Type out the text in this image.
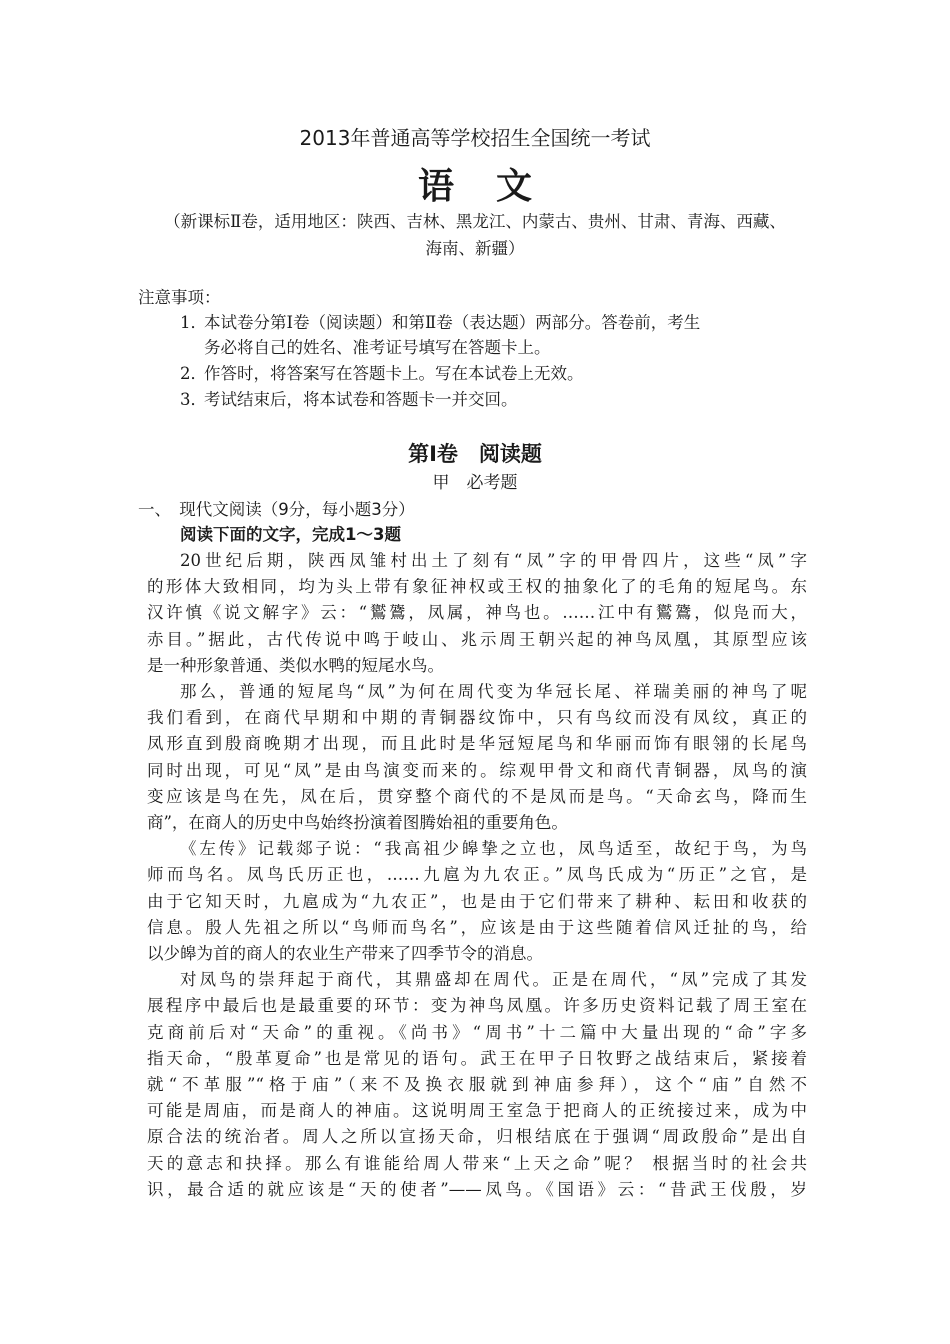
2013年普通高等学校招生全国统一考试
语 文
（新课标Ⅱ卷，适用地区：陕西、吉林、黑龙江、内蒙古、贵州、甘肃、青海、西藏、
海南、新疆）
注意事项：
1．本试卷分第Ⅰ卷（阅读题）和第Ⅱ卷（表达题）两部分。答卷前，考生
务必将自己的姓名、准考证号填写在答题卡上。
2．作答时，将答案写在答题卡上。写在本试卷上无效。
3．考试结束后，将本试卷和答题卡一并交回。
第Ⅰ卷　阅读题
甲　必考题
一、　现代文阅读（9分，每小题3分）
阅读下面的文字，完成1～3题
20世纪后期，陕西凤雏村出土了刻有“凤”字的甲骨四片，这些“凤”字
的形体大致相同，均为头上带有象征神权或王权的抽象化了的毛角的短尾鸟。东
汉许慎《说文解字》云：“鸑鷟，凤属，神鸟也。……江中有鸑鷟，似凫而大，
赤目。”据此，古代传说中鸣于岐山、兆示周王朝兴起的神鸟凤凰，其原型应该
是一种形象普通、类似水鸭的短尾水鸟。
那么，普通的短尾鸟“凤”为何在周代变为华冠长尾、祥瑞美丽的神鸟了呢
我们看到，在商代早期和中期的青铜器纹饰中，只有鸟纹而没有凤纹，真正的
凤形直到殷商晚期才出现，而且此时是华冠短尾鸟和华丽而饰有眼翎的长尾鸟
同时出现，可见“凤”是由鸟演变而来的。综观甲骨文和商代青铜器，凤鸟的演
变应该是鸟在先，凤在后，贯穿整个商代的不是凤而是鸟。“天命玄鸟，降而生
商”，在商人的历史中鸟始终扮演着图腾始祖的重要角色。
《左传》记载郯子说：“我高祖少皞挚之立也，凤鸟适至，故纪于鸟，为鸟
师而鸟名。凤鸟氏历正也，……九扈为九农正。”凤鸟氏成为“历正”之官，是
由于它知天时，九扈成为“九农正”，也是由于它们带来了耕种、耘田和收获的
信息。殷人先祖之所以“鸟师而鸟名”，应该是由于这些随着信风迁扯的鸟，给
以少皞为首的商人的农业生产带来了四季节令的消息。
对凤鸟的崇拜起于商代，其鼎盛却在周代。正是在周代，“凤”完成了其发
展程序中最后也是最重要的环节：变为神鸟凤凰。许多历史资料记载了周王室在
克商前后对“天命”的重视。《尚书》“周书”十二篇中大量出现的“命”字多
指天命，“殷革夏命”也是常见的语句。武王在甲子日牧野之战结束后，紧接着
就“不革服”“格于庙”（来不及换衣服就到神庙参拜），这个“庙”自然不
可能是周庙，而是商人的神庙。这说明周王室急于把商人的正统接过来，成为中
原合法的统治者。周人之所以宣扬天命，归根结底在于强调“周政殷命”是出自
天的意志和抉择。那么有谁能给周人带来“上天之命”呢？ 根据当时的社会共
识，最合适的就应该是“天的使者”——凤鸟。《国语》云：“昔武王伐殷，岁
